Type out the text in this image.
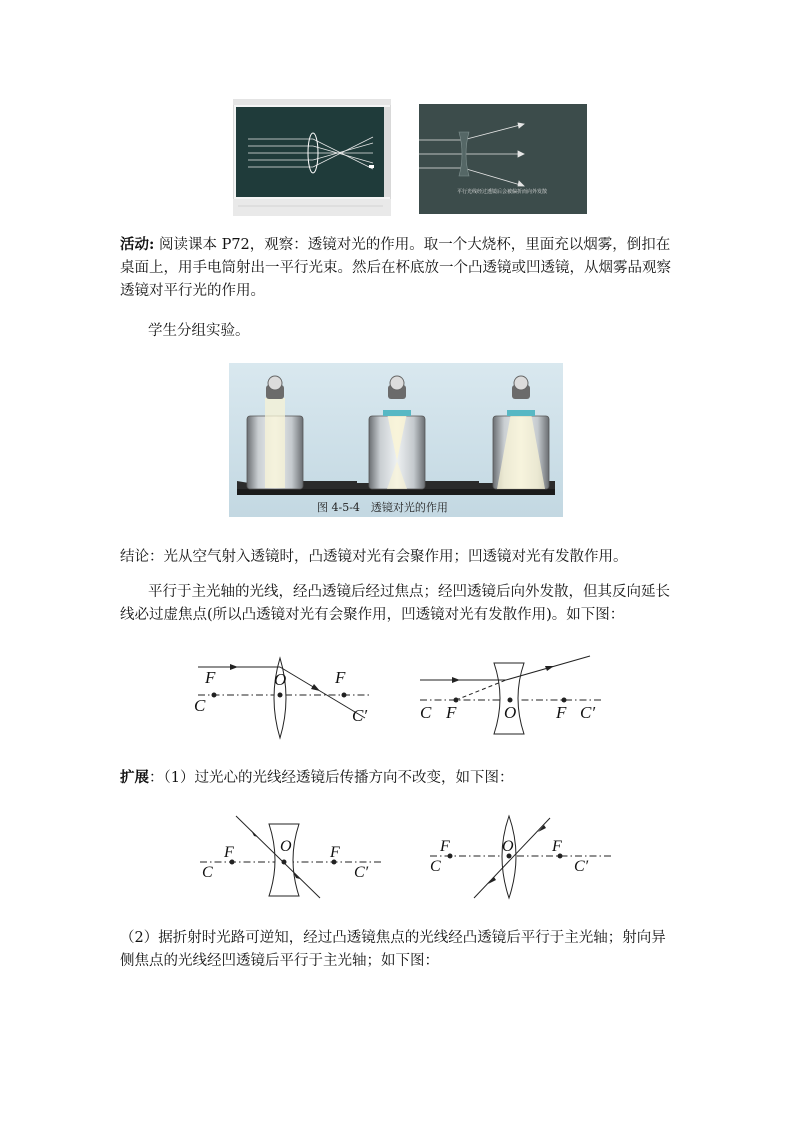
平行光线经过透镜后会被偏折而向外发散
活动: 阅读课本 P72，观察：透镜对光的作用。取一个大烧杯，里面充以烟雾，倒扣在桌面上，用手电筒射出一平行光束。然后在杯底放一个凸透镜或凹透镜，从烟雾品观察透镜对平行光的作用。
学生分组实验。
图 4-5-4　透镜对光的作用
结论：光从空气射入透镜时，凸透镜对光有会聚作用；凹透镜对光有发散作用。
平行于主光轴的光线，经凸透镜后经过焦点；经凹透镜后向外发散，但其反向延长线必过虚焦点(所以凸透镜对光有会聚作用，凹透镜对光有发散作用)。如下图：
F
C
O	F
C′	C F	O F C′
扩展：（1）过光心的光线经透镜后传播方向不改变，如下图：
F
C
O F
C′
F
C
O F
C′
（2）据折射时光路可逆知，经过凸透镜焦点的光线经凸透镜后平行于主光轴；射向异侧焦点的光线经凹透镜后平行于主光轴；如下图：
